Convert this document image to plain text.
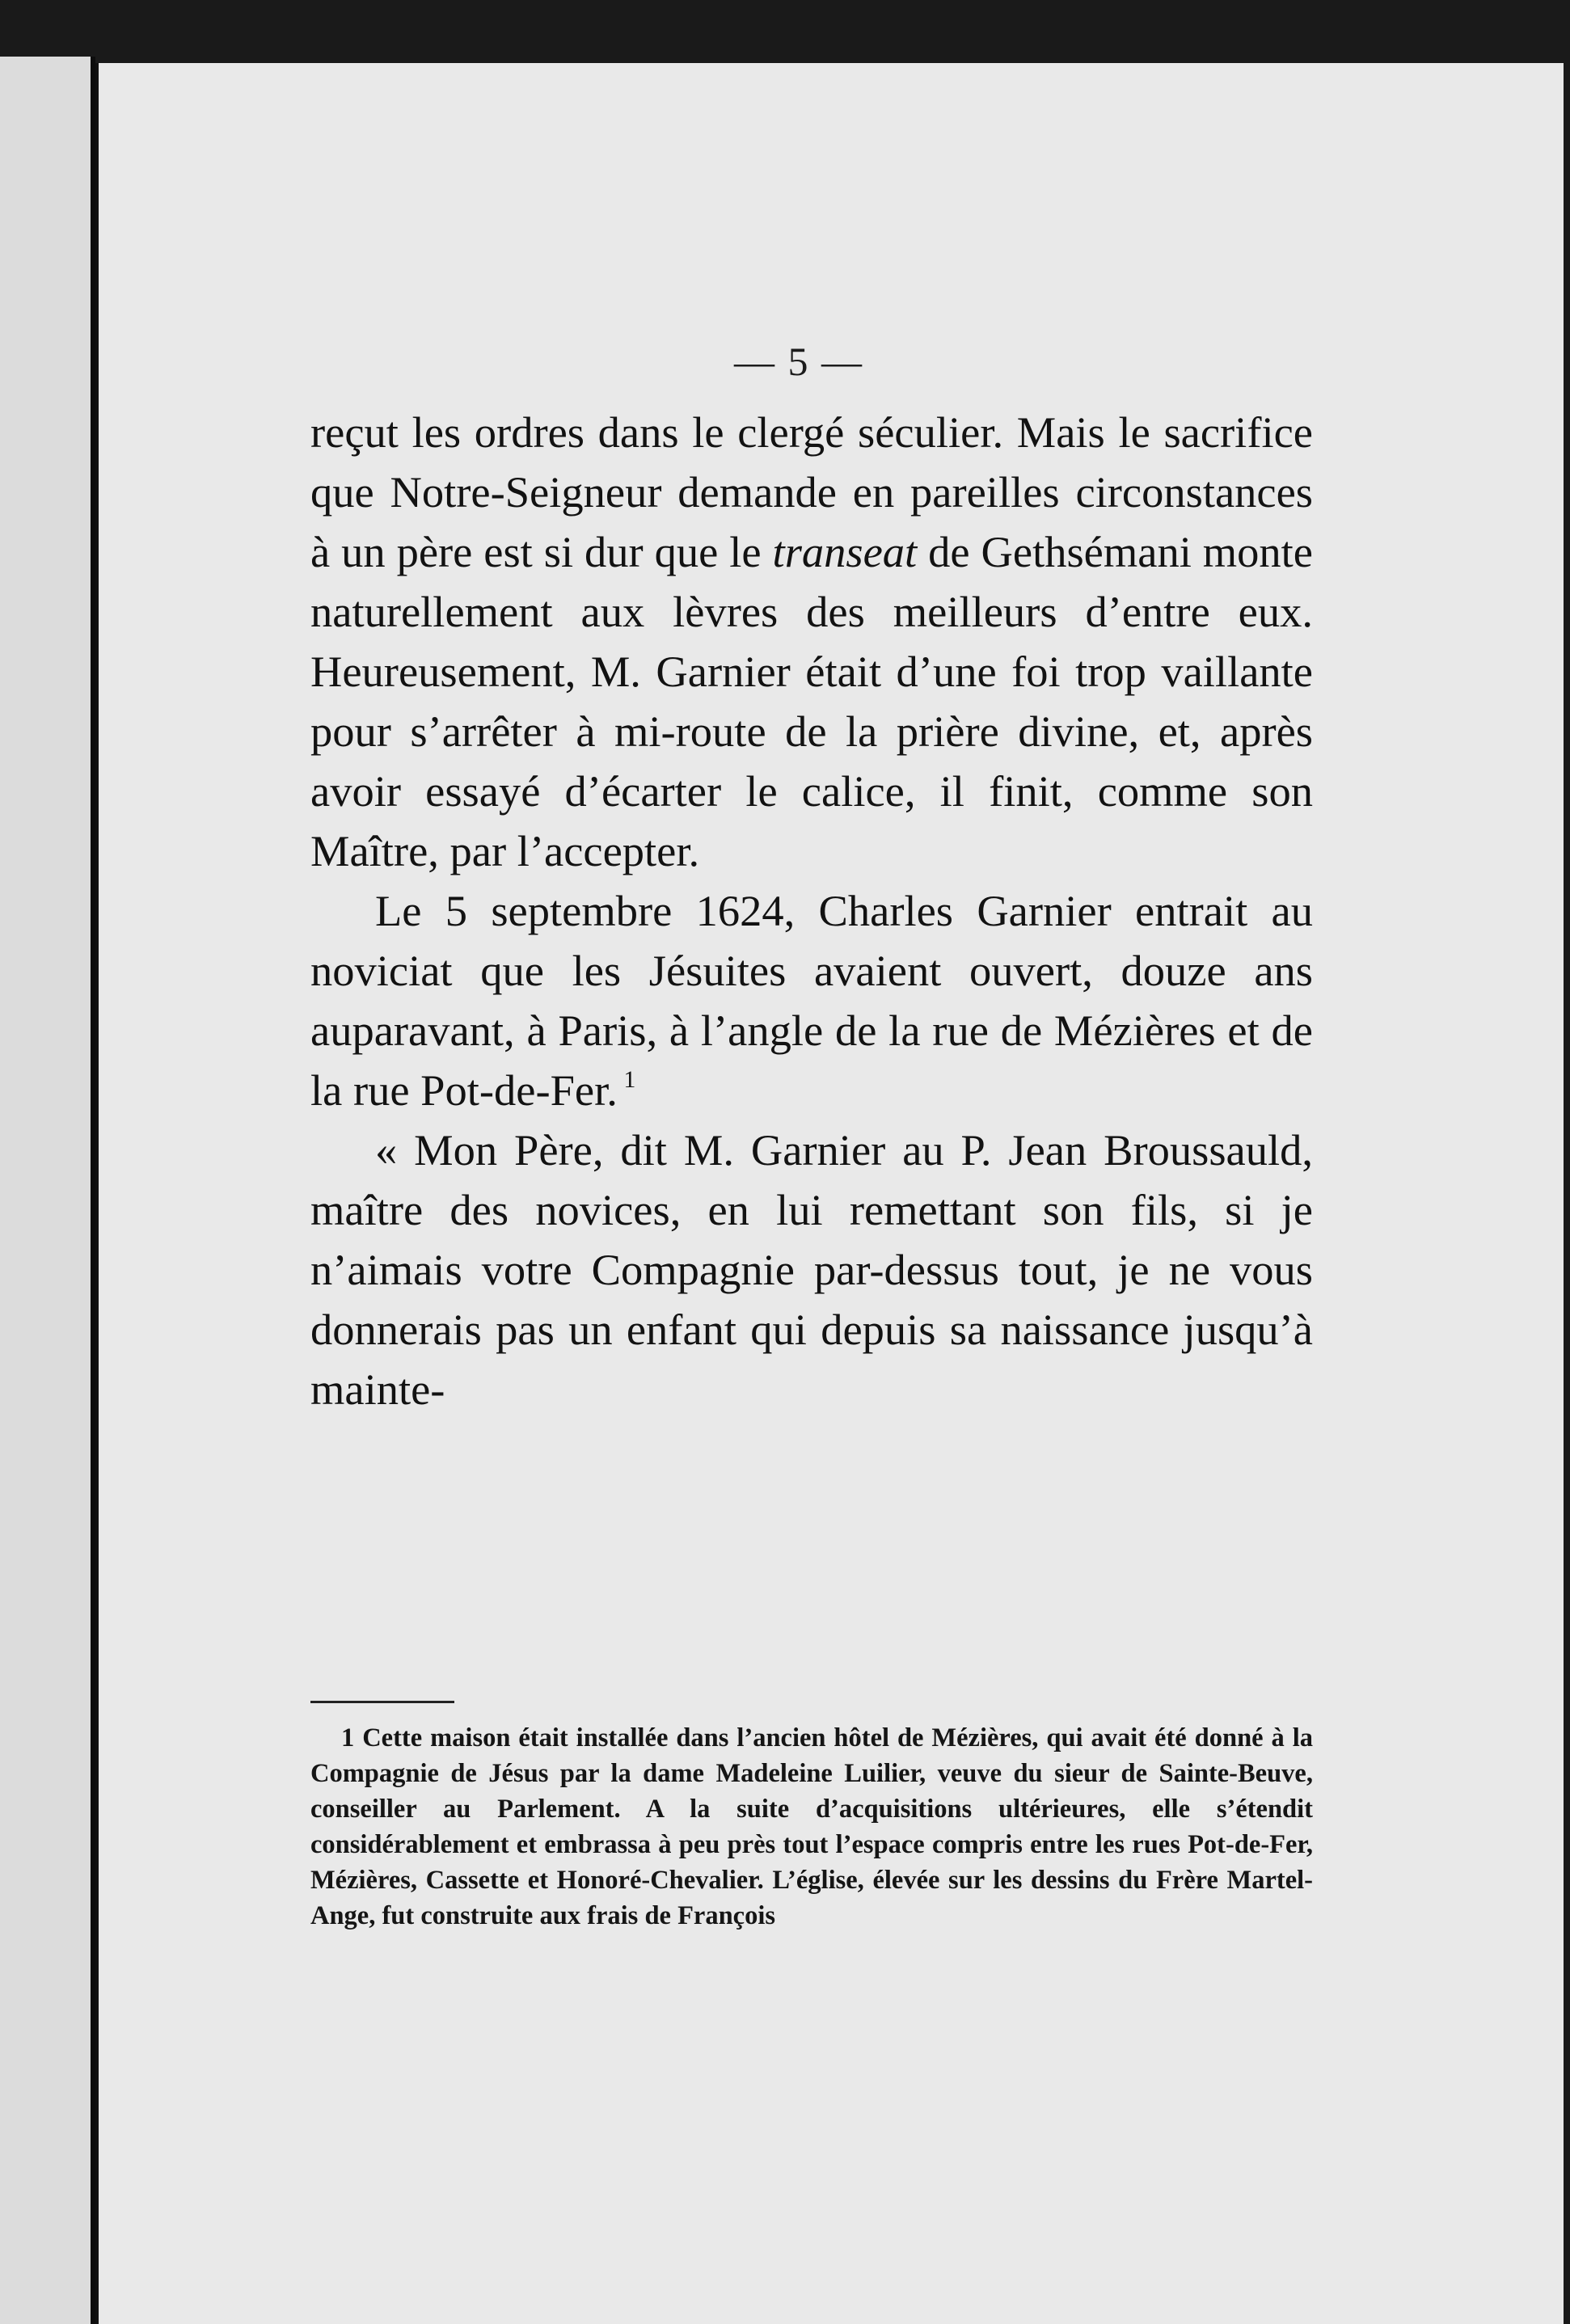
— 5 —

reçut les ordres dans le clergé séculier. Mais le sacrifice que Notre-Seigneur demande en pareilles circonstances à un père est si dur que le transeat de Gethsémani monte naturellement aux lèvres des meilleurs d’entre eux. Heureusement, M. Garnier était d’une foi trop vaillante pour s’arrêter à mi-route de la prière divine, et, après avoir essayé d’écarter le calice, il finit, comme son Maître, par l’accepter.

Le 5 septembre 1624, Charles Garnier entrait au noviciat que les Jésuites avaient ouvert, douze ans auparavant, à Paris, à l’angle de la rue de Mézières et de la rue Pot-de-Fer. $^1$

« Mon Père, dit M. Garnier au P. Jean Broussauld, maître des novices, en lui remettant son fils, si je n’aimais votre Compagnie par-dessus tout, je ne vous donnerais pas un enfant qui depuis sa naissance jusqu’à mainte-

1 Cette maison était installée dans l’ancien hôtel de Mézières, qui avait été donné à la Compagnie de Jésus par la dame Madeleine Luilier, veuve du sieur de Sainte-Beuve, conseiller au Parlement. A la suite d’acquisitions ultérieures, elle s’étendit considérablement et embrassa à peu près tout l’espace compris entre les rues Pot-de-Fer, Mézières, Cassette et Honoré-Chevalier. L’église, élevée sur les dessins du Frère Martel-Ange, fut construite aux frais de François
